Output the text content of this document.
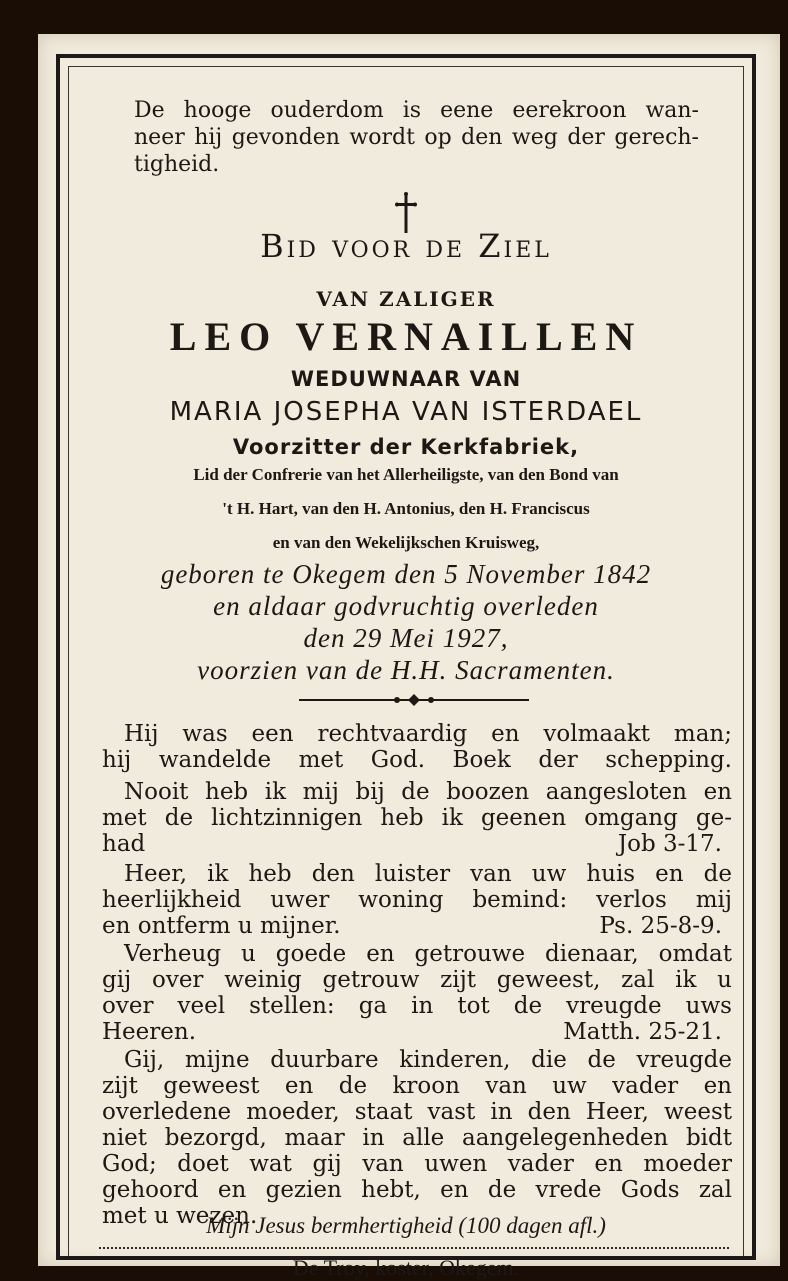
De hooge ouderdom is eene eerekroon wan-
neer hij gevonden wordt op den weg der gerech-
tigheid.
Bid voor de Ziel
VAN ZALIGER
LEO VERNAILLEN
WEDUWNAAR VAN
MARIA JOSEPHA VAN ISTERDAEL
Voorzitter der Kerkfabriek,
Lid der Confrerie van het Allerheiligste, van den Bond van
't H. Hart, van den H. Antonius, den H. Franciscus
en van den Wekelijkschen Kruisweg,
geboren te Okegem den 5 November 1842
en aldaar godvruchtig overleden
den 29 Mei 1927,
voorzien van de H.H. Sacramenten.
Hij was een rechtvaardig en volmaakt man;
hij wandelde met God. Boek der schepping.
Nooit heb ik mij bij de boozen aangesloten en
met de lichtzinnigen heb ik geenen omgang ge-
had	Job 3-17.
Heer, ik heb den luister van uw huis en de
heerlijkheid uwer woning bemind: verlos mij
en ontferm u mijner.	Ps. 25-8-9.
Verheug u goede en getrouwe dienaar, omdat
gij over weinig getrouw zijt geweest, zal ik u
over veel stellen: ga in tot de vreugde uws
Heeren.	Matth. 25-21.
Gij, mijne duurbare kinderen, die de vreugde
zijt geweest en de kroon van uw vader en
overledene moeder, staat vast in den Heer, weest
niet bezorgd, maar in alle aangelegenheden bidt
God; doet wat gij van uwen vader en moeder
gehoord en gezien hebt, en de vrede Gods zal
met u wezen.
Mijn Jesus bermhertigheid (100 dagen afl.)
De Troy, koster, Okegem.
